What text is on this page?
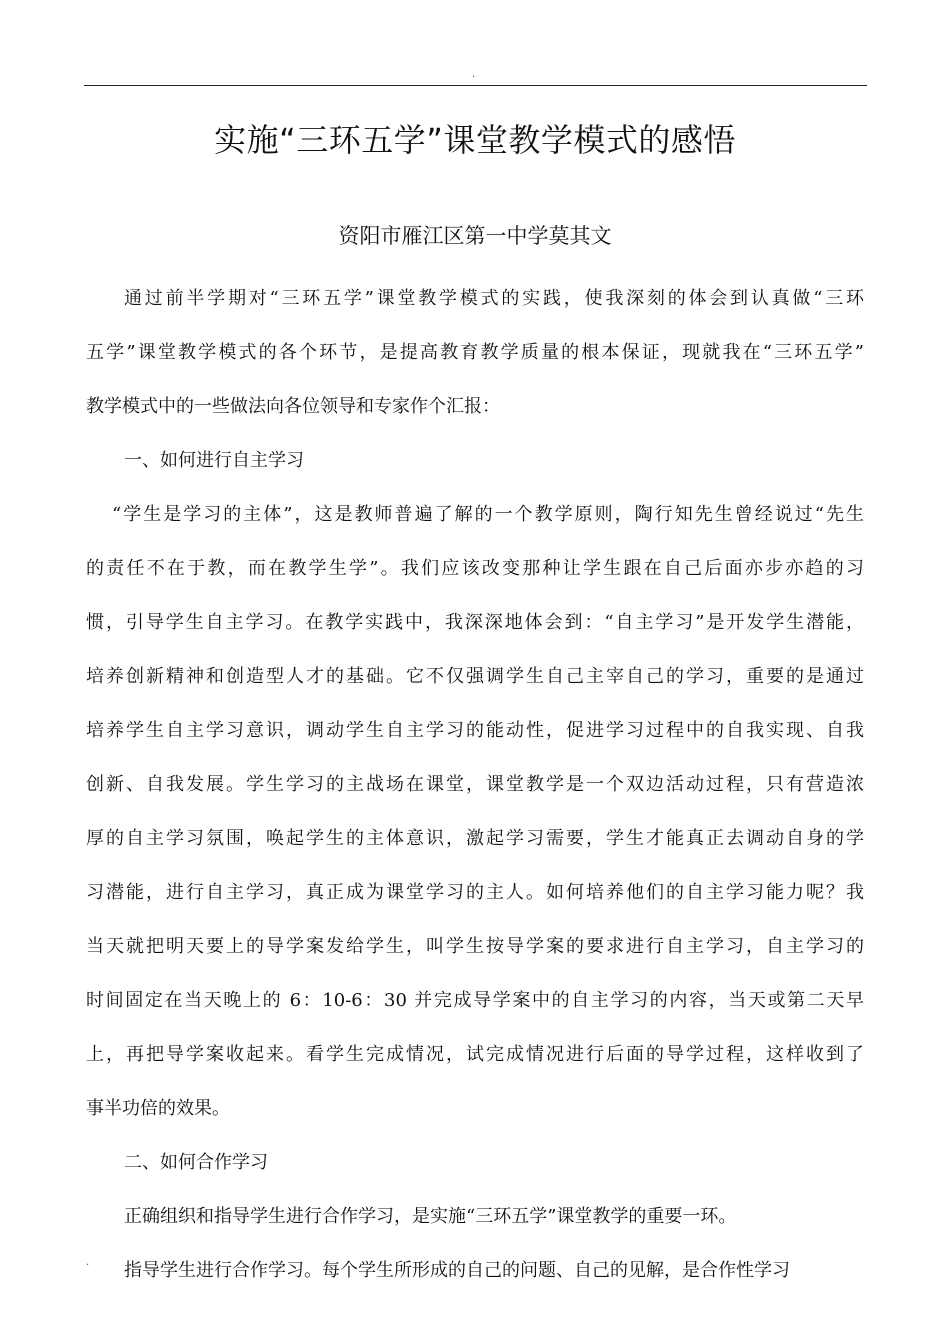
.
实施“三环五学”课堂教学模式的感悟
资阳市雁江区第一中学莫其文

通过前半学期对“三环五学”课堂教学模式的实践，使我深刻的体会到认真做“三环
五学”课堂教学模式的各个环节，是提高教育教学质量的根本保证，现就我在“三环五学”
教学模式中的一些做法向各位领导和专家作个汇报：

一、如何进行自主学习

“学生是学习的主体”，这是教师普遍了解的一个教学原则，陶行知先生曾经说过“先生
的责任不在于教，而在教学生学”。我们应该改变那种让学生跟在自己后面亦步亦趋的习
惯，引导学生自主学习。在教学实践中，我深深地体会到：“自主学习”是开发学生潜能，
培养创新精神和创造型人才的基础。它不仅强调学生自己主宰自己的学习，重要的是通过
培养学生自主学习意识，调动学生自主学习的能动性，促进学习过程中的自我实现、自我
创新、自我发展。学生学习的主战场在课堂，课堂教学是一个双边活动过程，只有营造浓
厚的自主学习氛围，唤起学生的主体意识，激起学习需要，学生才能真正去调动自身的学
习潜能，进行自主学习，真正成为课堂学习的主人。如何培养他们的自主学习能力呢？我
当天就把明天要上的导学案发给学生，叫学生按导学案的要求进行自主学习，自主学习的
时间固定在当天晚上的 6：10-6：30 并完成导学案中的自主学习的内容，当天或第二天早
上，再把导学案收起来。看学生完成情况，试完成情况进行后面的导学过程，这样收到了
事半功倍的效果。

二、如何合作学习

正确组织和指导学生进行合作学习，是实施“三环五学”课堂教学的重要一环。

指导学生进行合作学习。每个学生所形成的自己的问题、自己的见解，是合作性学习

.
